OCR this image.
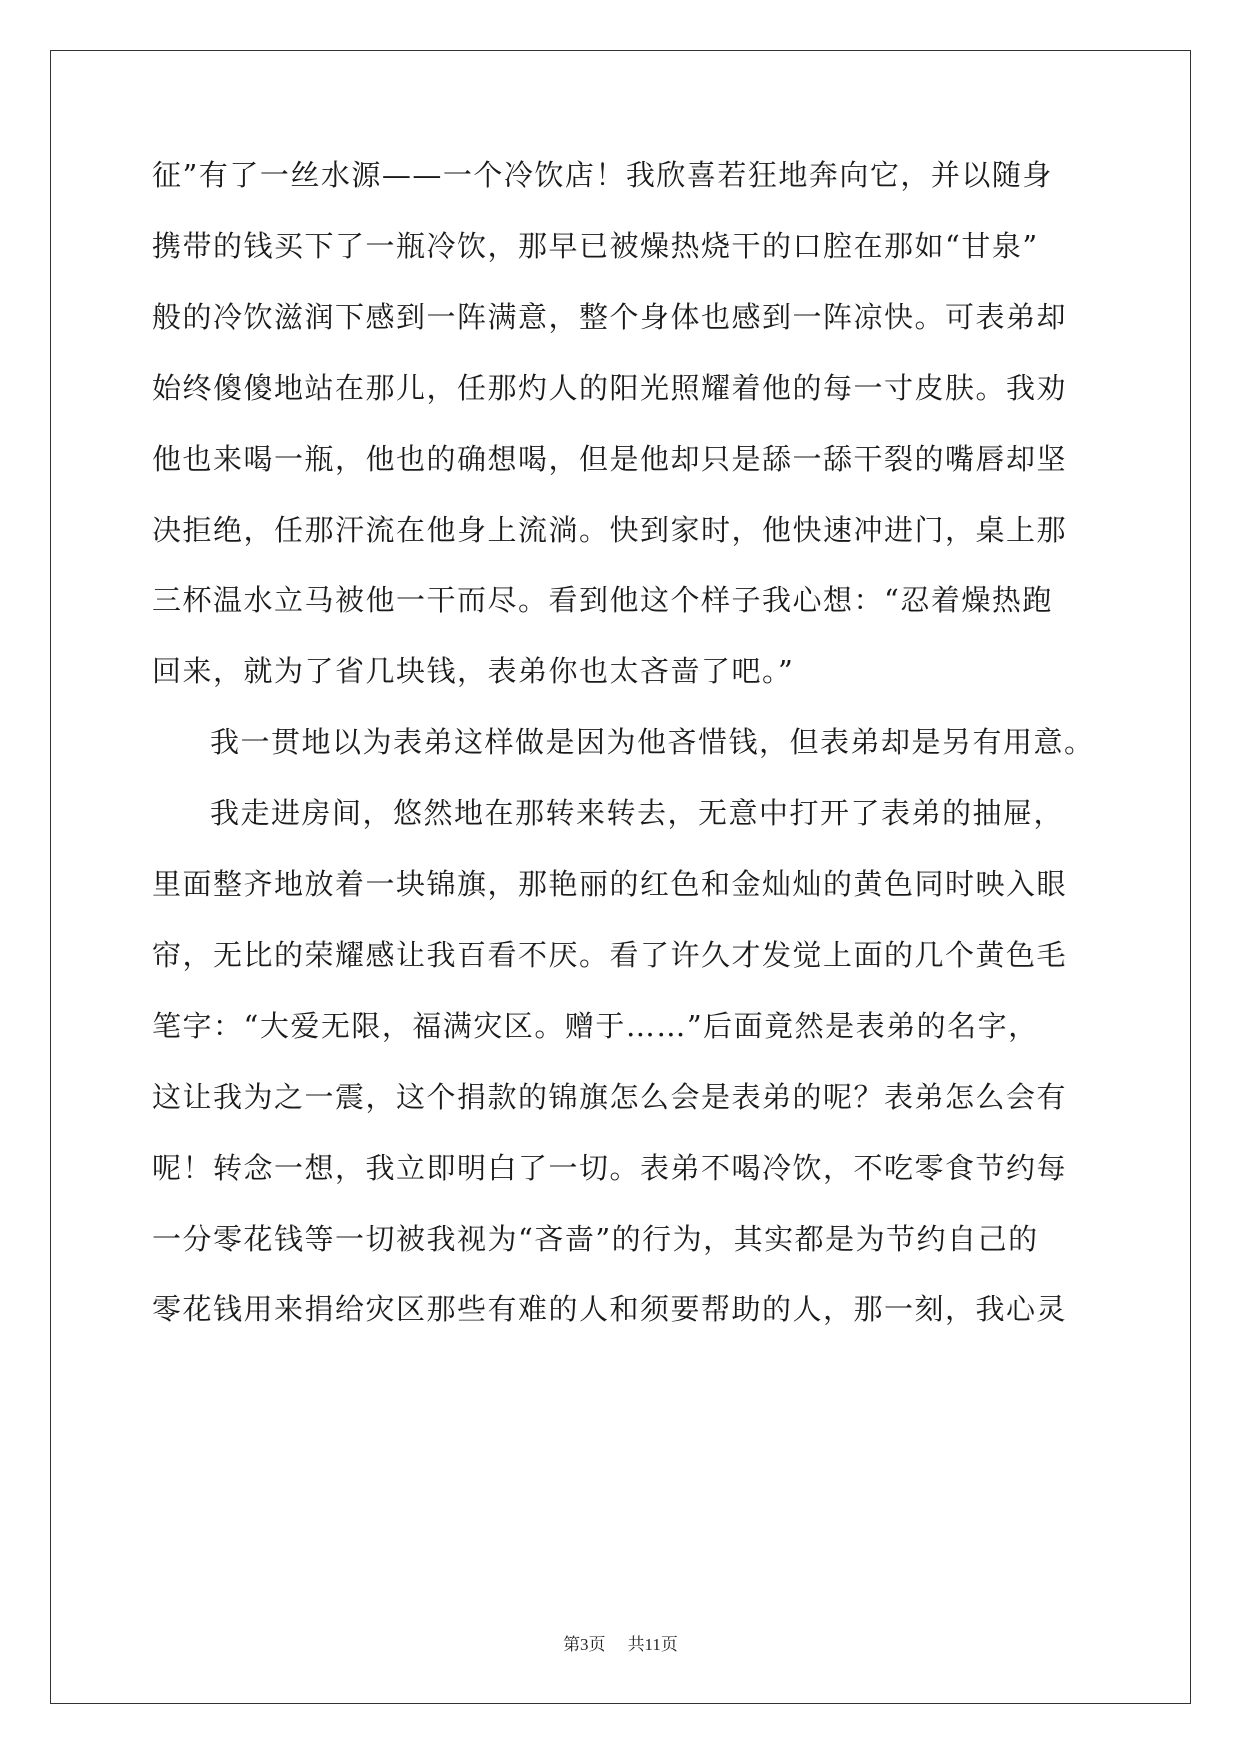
征”有了一丝水源——一个冷饮店！我欣喜若狂地奔向它，并以随身
携带的钱买下了一瓶冷饮，那早已被燥热烧干的口腔在那如“甘泉”
般的冷饮滋润下感到一阵满意，整个身体也感到一阵凉快。可表弟却
始终傻傻地站在那儿，任那灼人的阳光照耀着他的每一寸皮肤。我劝
他也来喝一瓶，他也的确想喝，但是他却只是舔一舔干裂的嘴唇却坚
决拒绝，任那汗流在他身上流淌。快到家时，他快速冲进门，桌上那
三杯温水立马被他一干而尽。看到他这个样子我心想：“忍着燥热跑
回来，就为了省几块钱，表弟你也太吝啬了吧。”
我一贯地以为表弟这样做是因为他吝惜钱，但表弟却是另有用意。
我走进房间，悠然地在那转来转去，无意中打开了表弟的抽屉，
里面整齐地放着一块锦旗，那艳丽的红色和金灿灿的黄色同时映入眼
帘，无比的荣耀感让我百看不厌。看了许久才发觉上面的几个黄色毛
笔字：“大爱无限，福满灾区。赠于……”后面竟然是表弟的名字，
这让我为之一震，这个捐款的锦旗怎么会是表弟的呢？表弟怎么会有
呢！转念一想，我立即明白了一切。表弟不喝冷饮，不吃零食节约每
一分零花钱等一切被我视为“吝啬”的行为，其实都是为节约自己的
零花钱用来捐给灾区那些有难的人和须要帮助的人，那一刻，我心灵
第3页 共11页
